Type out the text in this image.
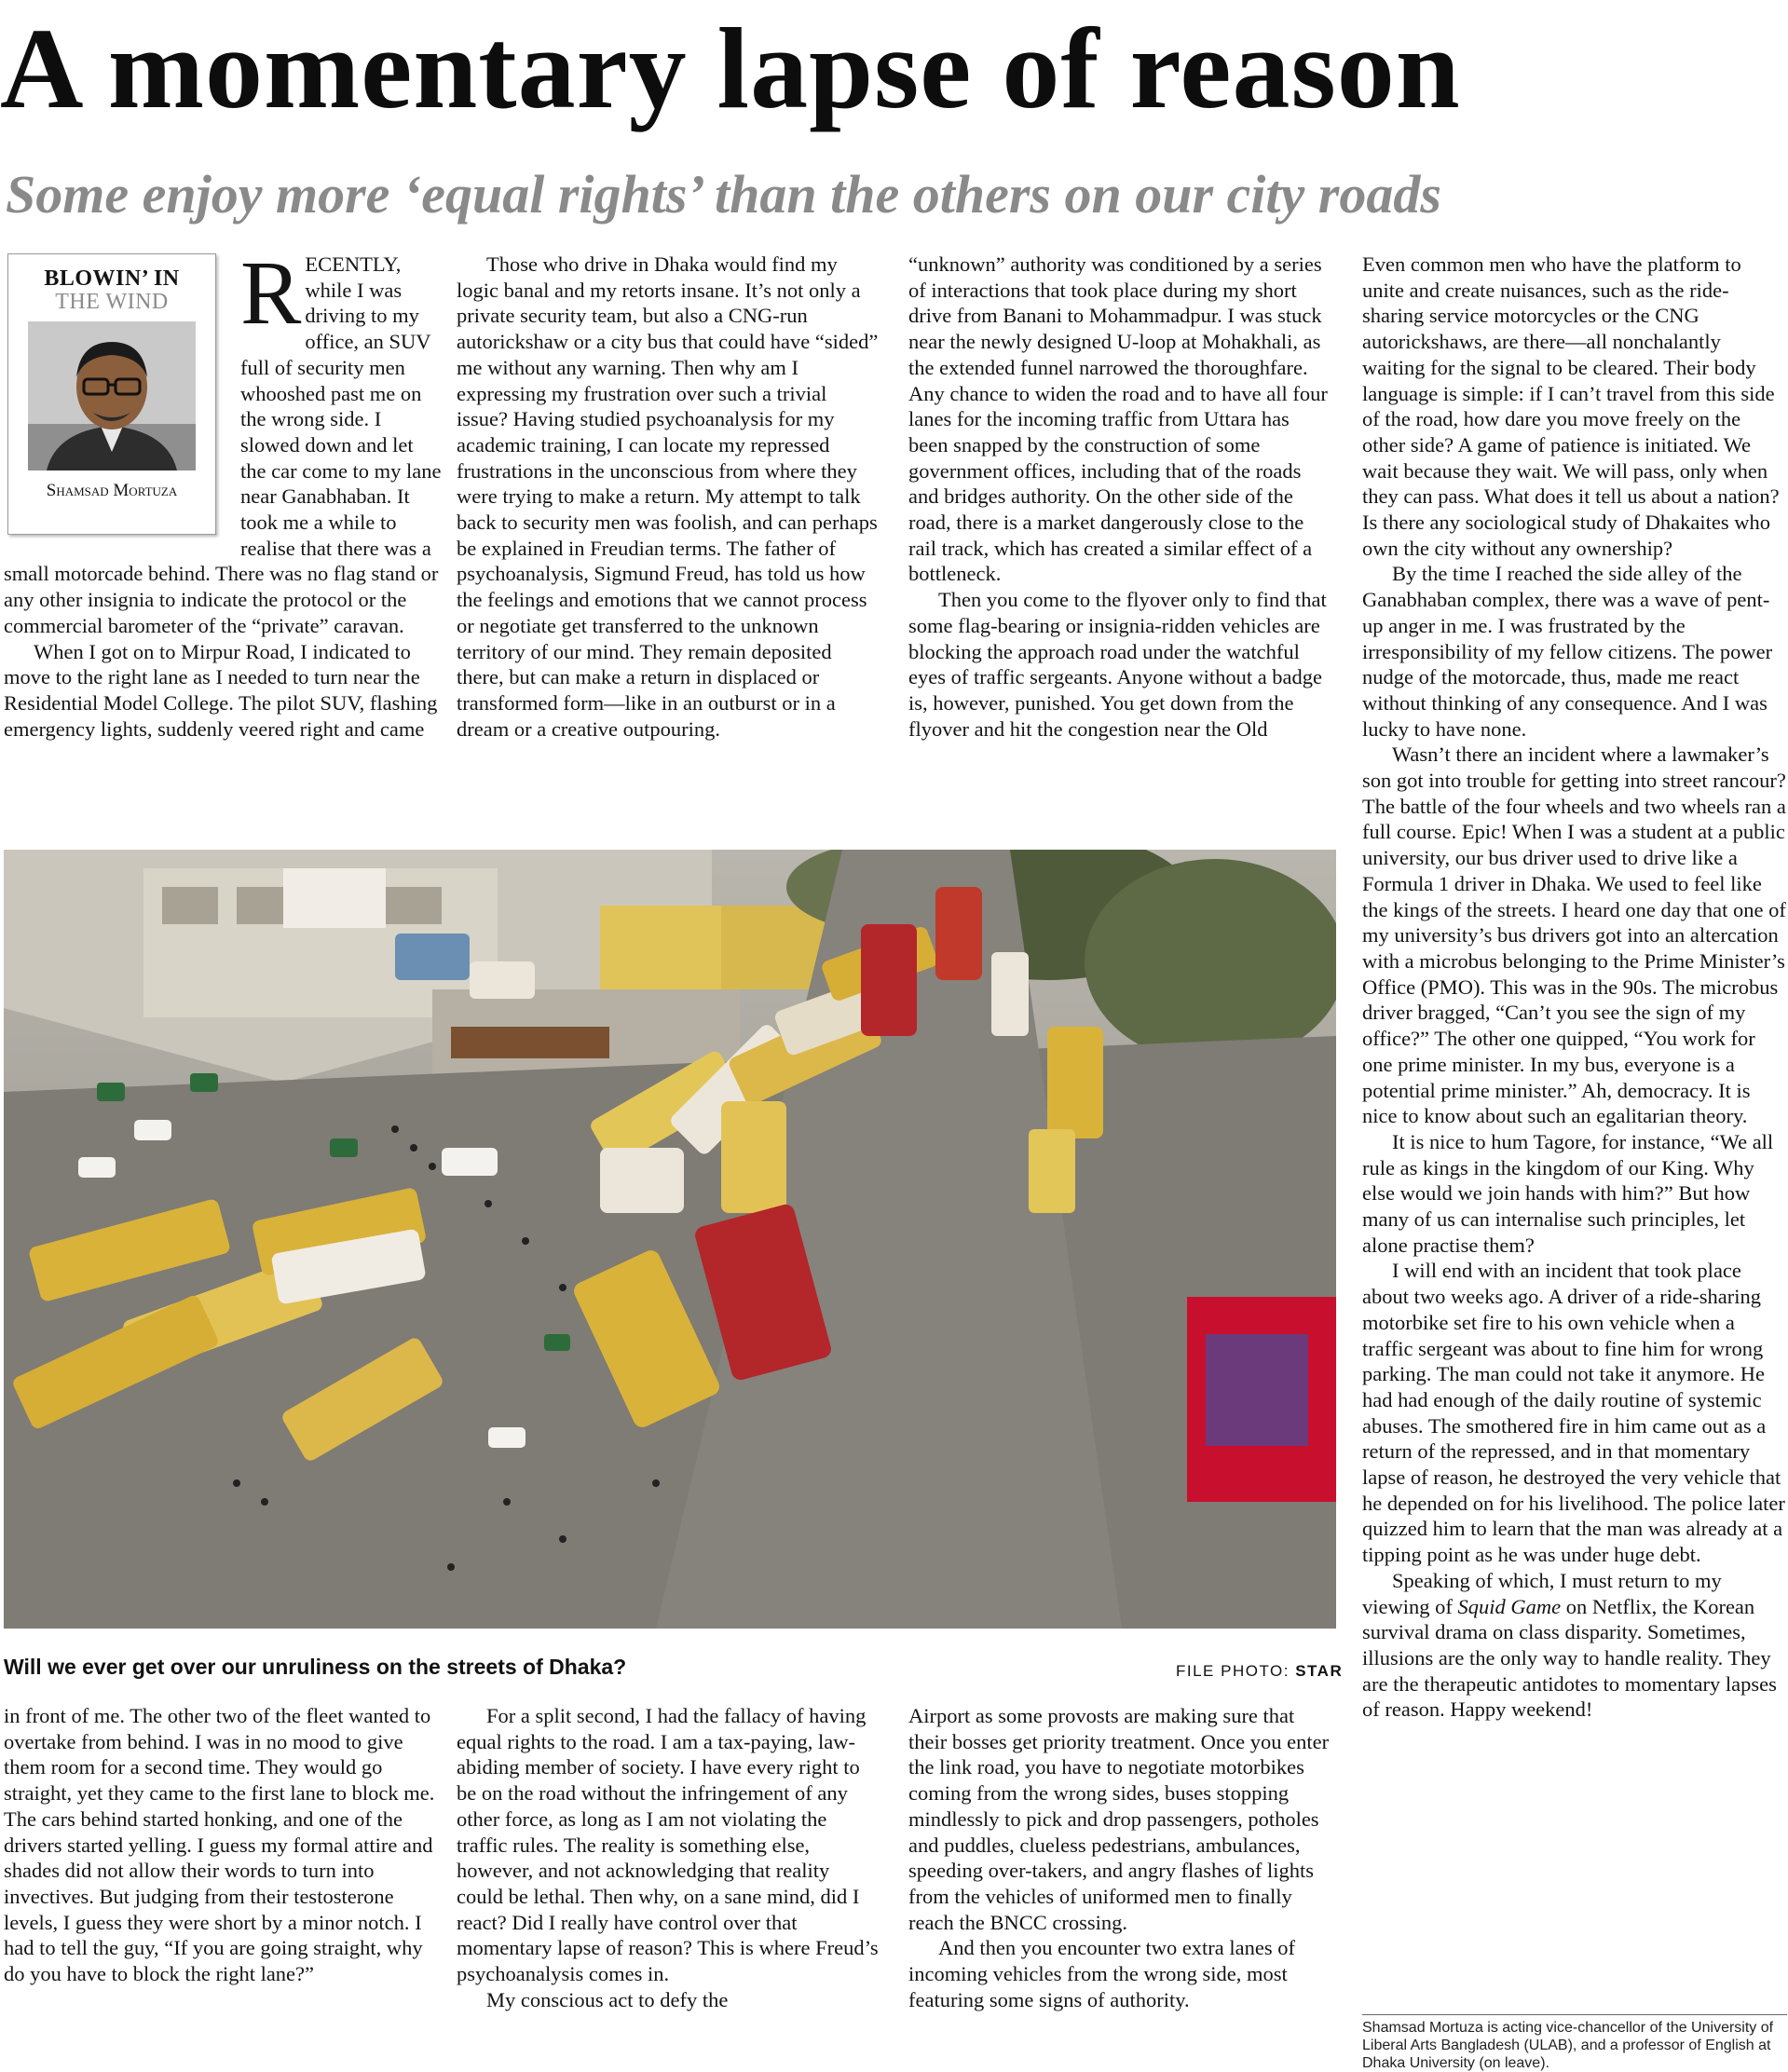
A momentary lapse of reason
Some enjoy more ‘equal rights’ than the others on our city roads
BLOWIN’ IN
THE WIND
Shamsad Mortuza
R ECENTLY, while I was driving to my office, an SUV full of security men whooshed past me on the wrong side. I slowed down and let the car come to my lane near Ganabhaban. It took me a while to realise that there was a small motorcade behind. There was no flag stand or any other insignia to indicate the protocol or the commercial barometer of the “private” caravan.

When I got on to Mirpur Road, I indicated to move to the right lane as I needed to turn near the Residential Model College. The pilot SUV, flashing emergency lights, suddenly veered right and came

Those who drive in Dhaka would find my logic banal and my retorts insane. It’s not only a private security team, but also a CNG-run autorickshaw or a city bus that could have “sided” me without any warning. Then why am I expressing my frustration over such a trivial issue? Having studied psychoanalysis for my academic training, I can locate my repressed frustrations in the unconscious from where they were trying to make a return. My attempt to talk back to security men was foolish, and can perhaps be explained in Freudian terms. The father of psychoanalysis, Sigmund Freud, has told us how the feelings and emotions that we cannot process or negotiate get transferred to the unknown territory of our mind. They remain deposited there, but can make a return in displaced or transformed form—like in an outburst or in a dream or a creative outpouring.

“unknown” authority was conditioned by a series of interactions that took place during my short drive from Banani to Mohammadpur. I was stuck near the newly designed U-loop at Mohakhali, as the extended funnel narrowed the thoroughfare. Any chance to widen the road and to have all four lanes for the incoming traffic from Uttara has been snapped by the construction of some government offices, including that of the roads and bridges authority. On the other side of the road, there is a market dangerously close to the rail track, which has created a similar effect of a bottleneck.

Then you come to the flyover only to find that some flag-bearing or insignia-ridden vehicles are blocking the approach road under the watchful eyes of traffic sergeants. Anyone without a badge is, however, punished. You get down from the flyover and hit the congestion near the Old

Even common men who have the platform to unite and create nuisances, such as the ride-sharing service motorcycles or the CNG autorickshaws, are there—all nonchalantly waiting for the signal to be cleared. Their body language is simple: if I can’t travel from this side of the road, how dare you move freely on the other side? A game of patience is initiated. We wait because they wait. We will pass, only when they can pass. What does it tell us about a nation? Is there any sociological study of Dhakaites who own the city without any ownership?

By the time I reached the side alley of the Ganabhaban complex, there was a wave of pent-up anger in me. I was frustrated by the irresponsibility of my fellow citizens. The power nudge of the motorcade, thus, made me react without thinking of any consequence. And I was lucky to have none.

Wasn’t there an incident where a lawmaker’s son got into trouble for getting into street rancour? The battle of the four wheels and two wheels ran a full course. Epic! When I was a student at a public university, our bus driver used to drive like a Formula 1 driver in Dhaka. We used to feel like the kings of the streets. I heard one day that one of my university’s bus drivers got into an altercation with a microbus belonging to the Prime Minister’s Office (PMO). This was in the 90s. The microbus driver bragged, “Can’t you see the sign of my office?” The other one quipped, “You work for one prime minister. In my bus, everyone is a potential prime minister.” Ah, democracy. It is nice to know about such an egalitarian theory.

It is nice to hum Tagore, for instance, “We all rule as kings in the kingdom of our King. Why else would we join hands with him?” But how many of us can internalise such principles, let alone practise them?

I will end with an incident that took place about two weeks ago. A driver of a ride-sharing motorbike set fire to his own vehicle when a traffic sergeant was about to fine him for wrong parking. The man could not take it anymore. He had had enough of the daily routine of systemic abuses. The smothered fire in him came out as a return of the repressed, and in that momentary lapse of reason, he destroyed the very vehicle that he depended on for his livelihood. The police later quizzed him to learn that the man was already at a tipping point as he was under huge debt.

Speaking of which, I must return to my viewing of Squid Game on Netflix, the Korean survival drama on class disparity. Sometimes, illusions are the only way to handle reality. They are the therapeutic antidotes to momentary lapses of reason. Happy weekend!

Will we ever get over our unruliness on the streets of Dhaka?	FILE PHOTO: STAR

in front of me. The other two of the fleet wanted to overtake from behind. I was in no mood to give them room for a second time. They would go straight, yet they came to the first lane to block me. The cars behind started honking, and one of the drivers started yelling. I guess my formal attire and shades did not allow their words to turn into invectives. But judging from their testosterone levels, I guess they were short by a minor notch. I had to tell the guy, “If you are going straight, why do you have to block the right lane?”

For a split second, I had the fallacy of having equal rights to the road. I am a tax-paying, law-abiding member of society. I have every right to be on the road without the infringement of any other force, as long as I am not violating the traffic rules. The reality is something else, however, and not acknowledging that reality could be lethal. Then why, on a sane mind, did I react? Did I really have control over that momentary lapse of reason? This is where Freud’s psychoanalysis comes in.

My conscious act to defy the

Airport as some provosts are making sure that their bosses get priority treatment. Once you enter the link road, you have to negotiate motorbikes coming from the wrong sides, buses stopping mindlessly to pick and drop passengers, potholes and puddles, clueless pedestrians, ambulances, speeding over-takers, and angry flashes of lights from the vehicles of uniformed men to finally reach the BNCC crossing.

And then you encounter two extra lanes of incoming vehicles from the wrong side, most featuring some signs of authority.

Shamsad Mortuza is acting vice-chancellor of the University of Liberal Arts Bangladesh (ULAB), and a professor of English at Dhaka University (on leave).
